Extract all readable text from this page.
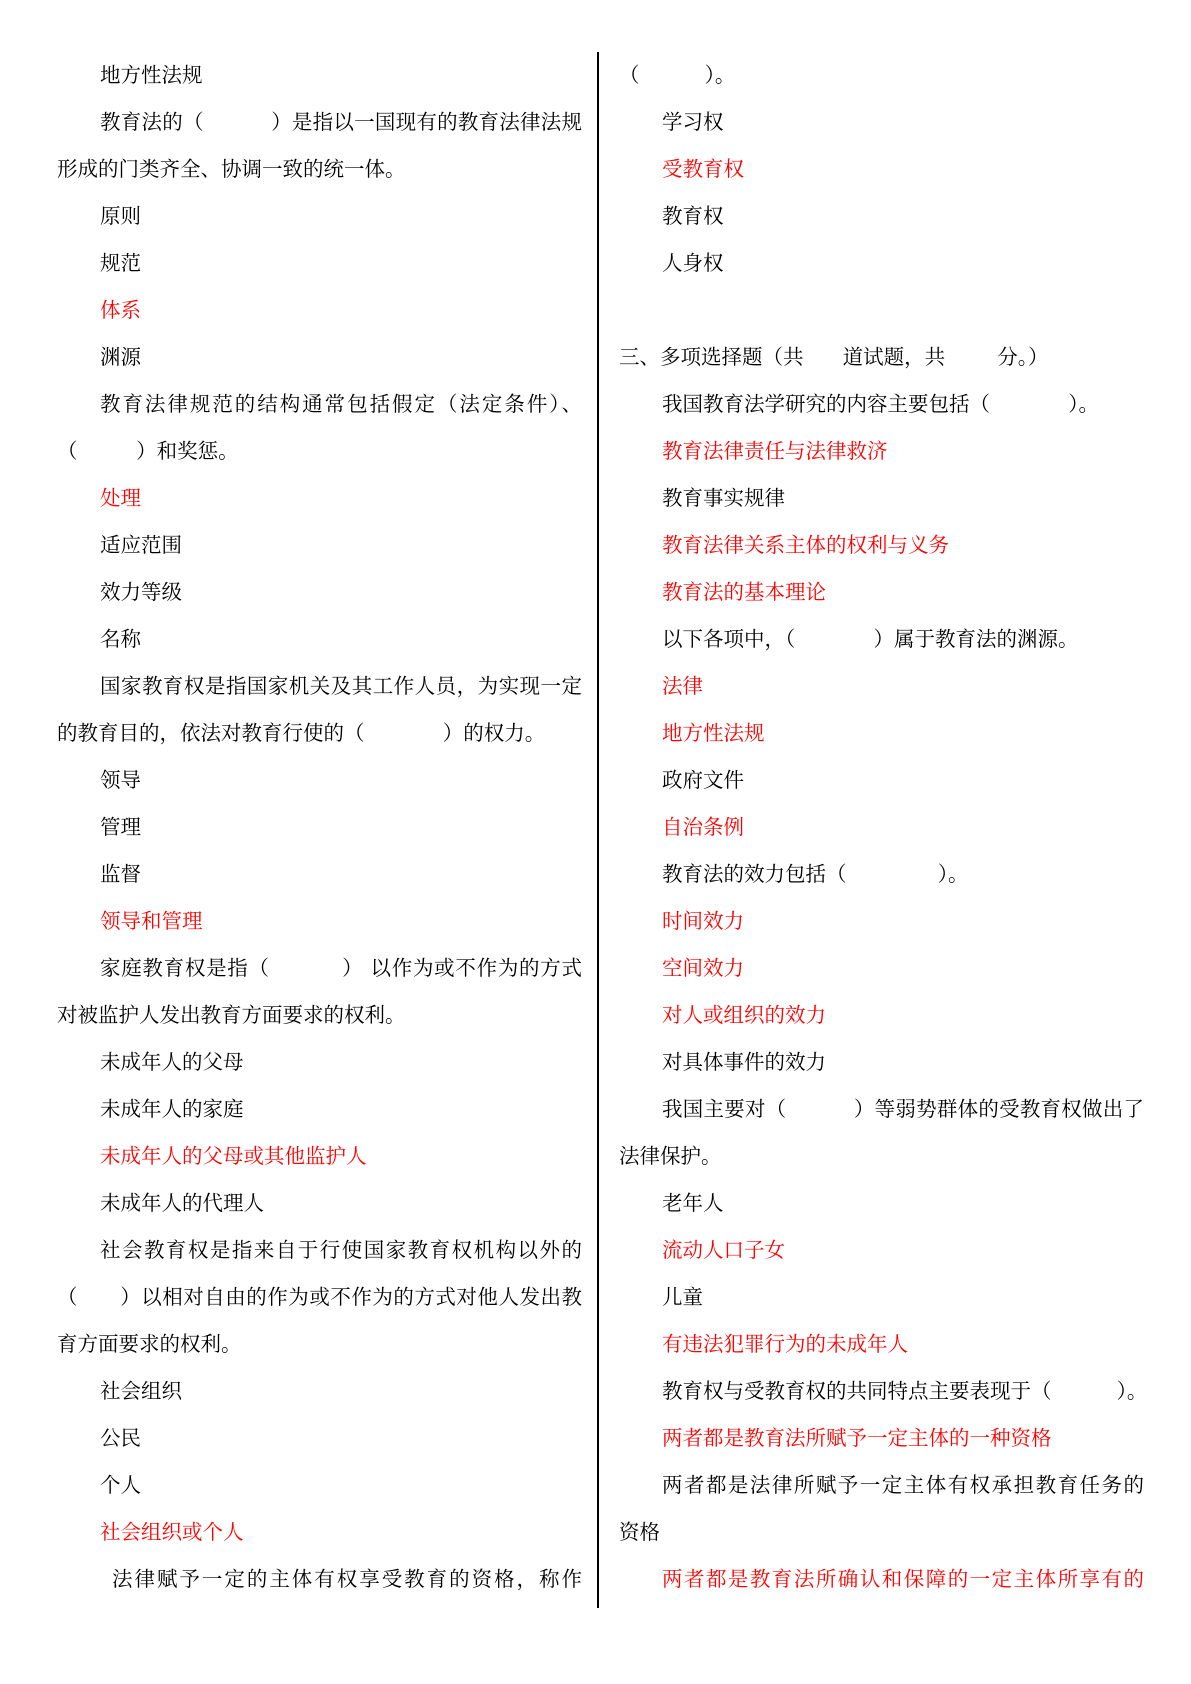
地方性法规
教育法的（          ）是指以一国现有的教育法律法规
形成的门类齐全、协调一致的统一体。
原则
规范
体系
渊源
教育法律规范的结构通常包括假定（法定条件）、
（         ）和奖惩。
处理
适应范围
效力等级
名称
国家教育权是指国家机关及其工作人员，为实现一定
的教育目的，依法对教育行使的（            ）的权力。
领导
管理
监督
领导和管理
家庭教育权是指（          ） 以作为或不作为的方式
对被监护人发出教育方面要求的权利。
未成年人的父母
未成年人的家庭
未成年人的父母或其他监护人
未成年人的代理人
社会教育权是指来自于行使国家教育权机构以外的
（      ）以相对自由的作为或不作为的方式对他人发出教
育方面要求的权利。
社会组织
公民
个人
社会组织或个人
法律赋予一定的主体有权享受教育的资格，称作
（          ）。
学习权
受教育权
教育权
人身权
三、多项选择题（共      道试题，共        分。）
我国教育法学研究的内容主要包括（            ）。
教育法律责任与法律救济
教育事实规律
教育法律关系主体的权利与义务
教育法的基本理论
以下各项中，（            ）属于教育法的渊源。
法律
地方性法规
政府文件
自治条例
教育法的效力包括（              ）。
时间效力
空间效力
对人或组织的效力
对具体事件的效力
我国主要对（          ）等弱势群体的受教育权做出了
法律保护。
老年人
流动人口子女
儿童
有违法犯罪行为的未成年人
教育权与受教育权的共同特点主要表现于（          ）。
两者都是教育法所赋予一定主体的一种资格
两者都是法律所赋予一定主体有权承担教育任务的
资格
两者都是教育法所确认和保障的一定主体所享有的
